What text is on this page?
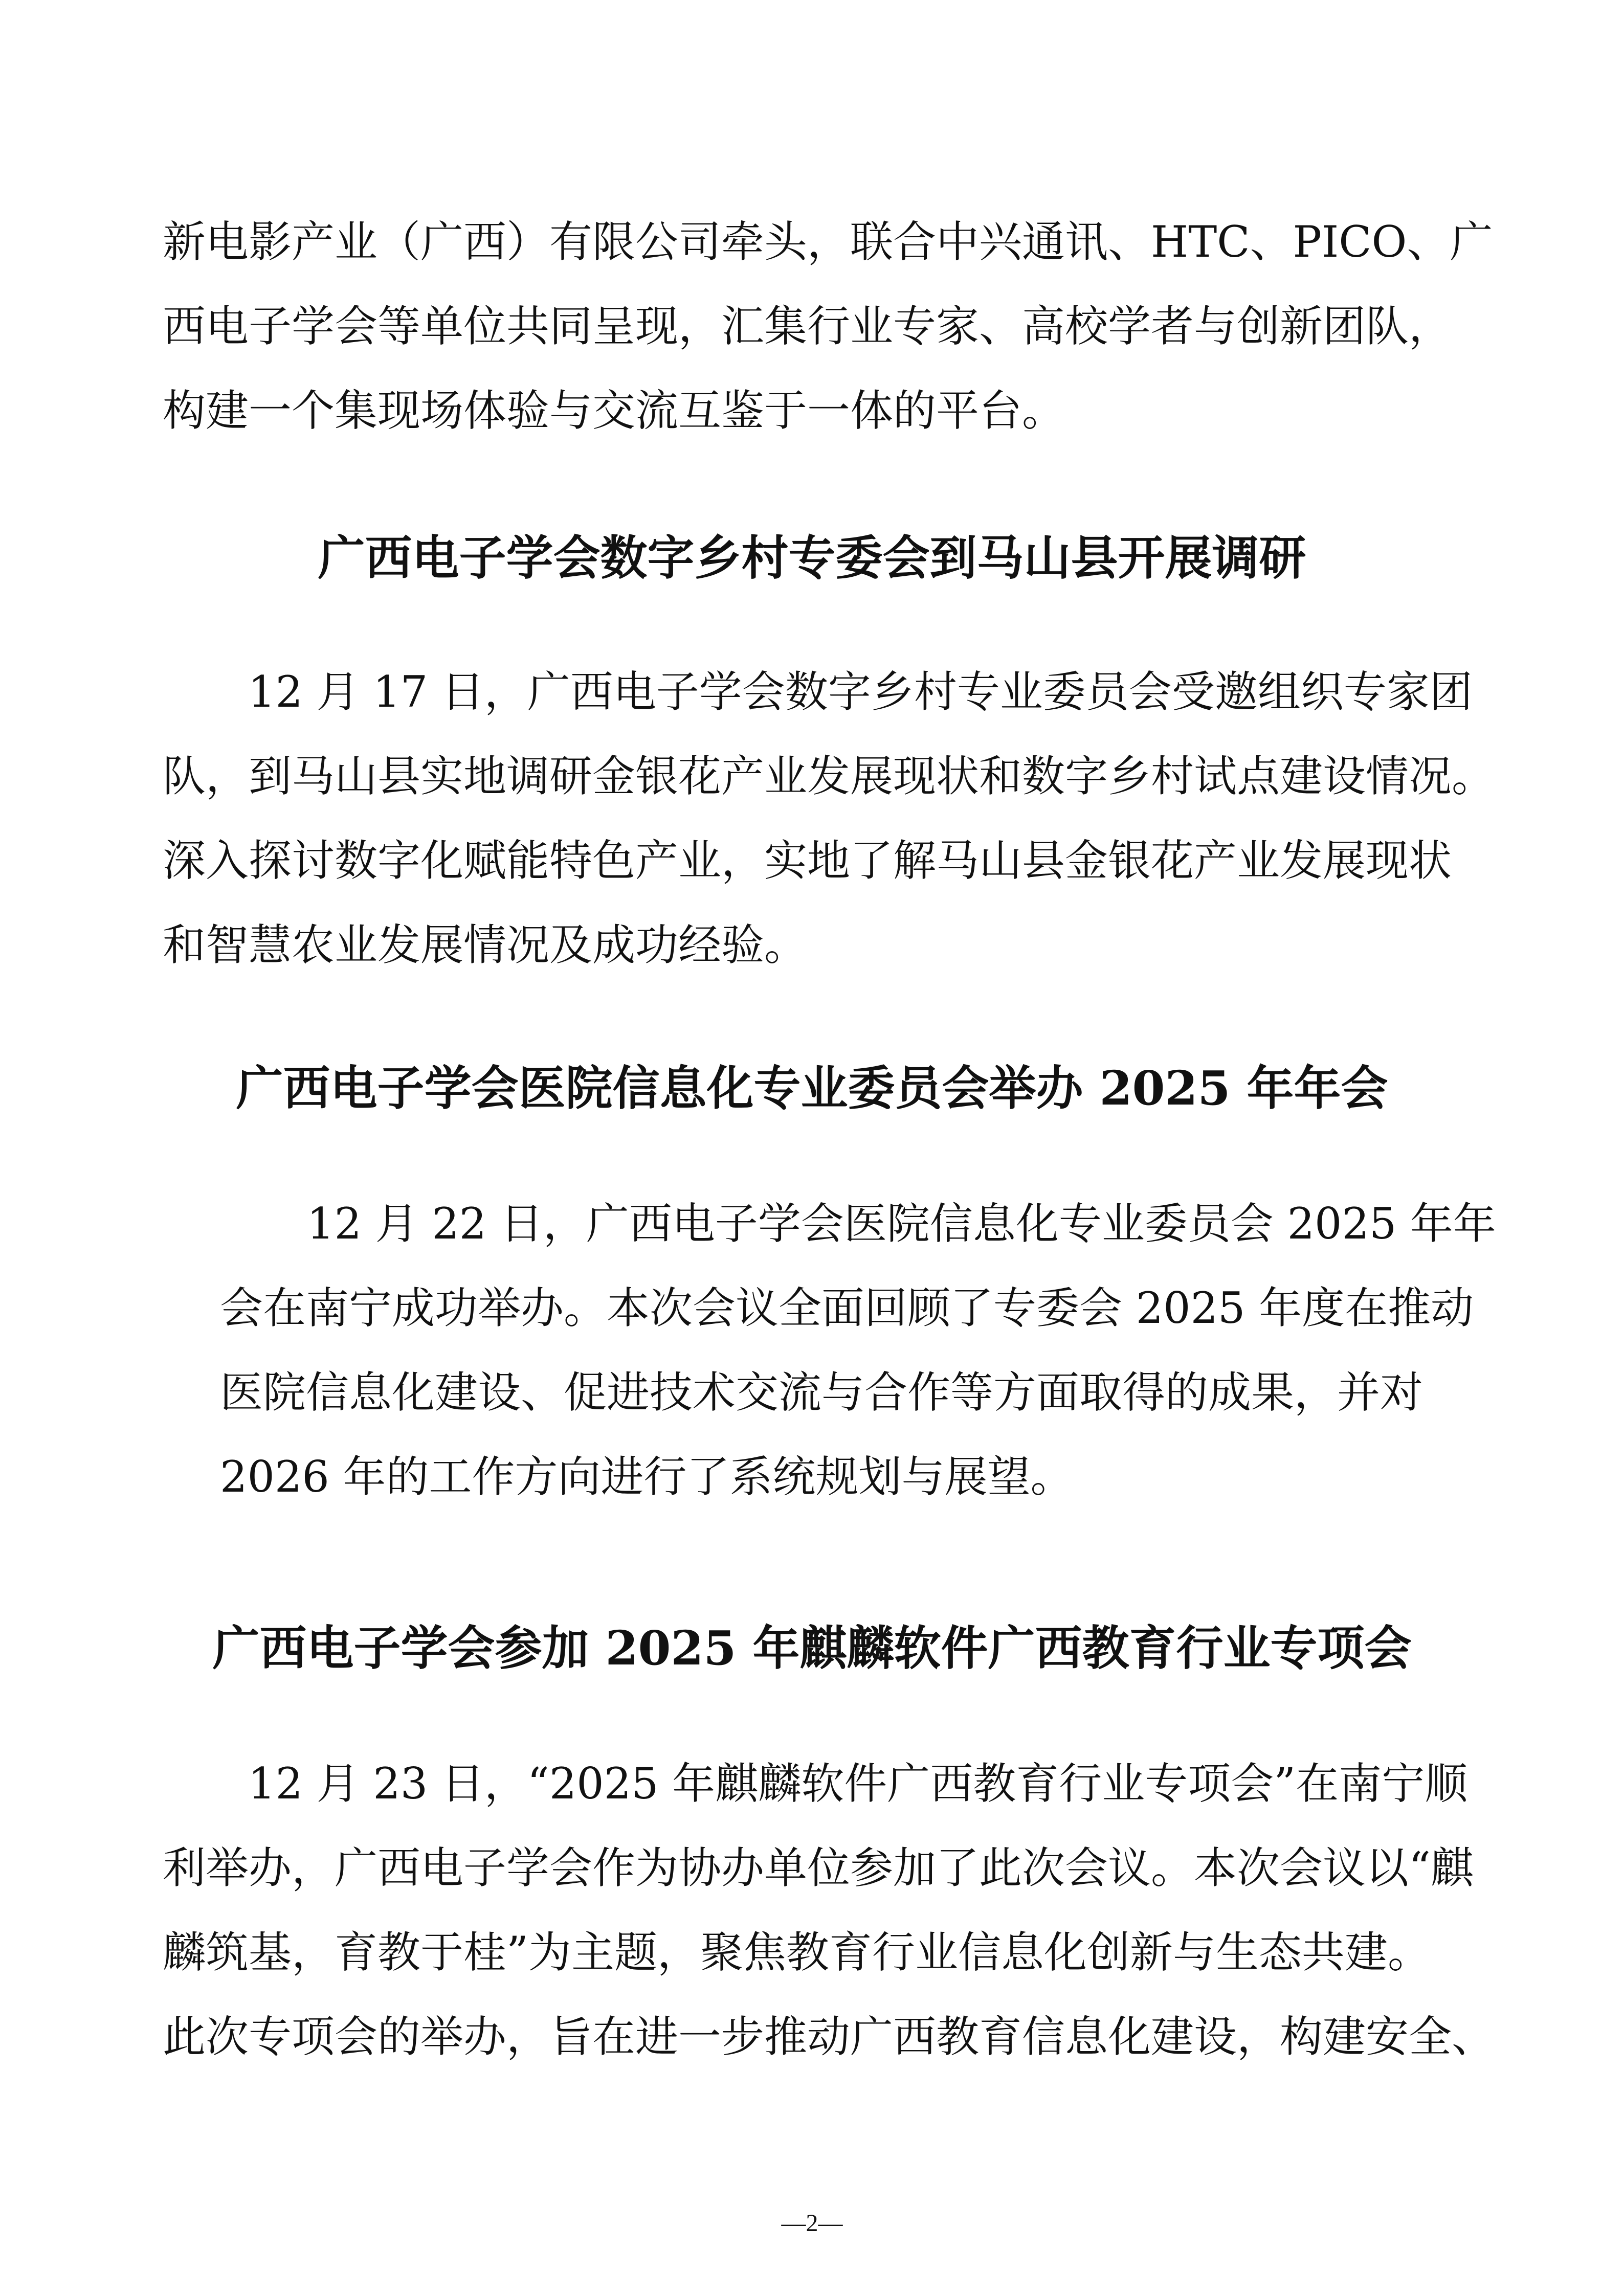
新电影产业（广西）有限公司牵头，联合中兴通讯、HTC、PICO、广
西电子学会等单位共同呈现，汇集行业专家、高校学者与创新团队，
构建一个集现场体验与交流互鉴于一体的平台。
广西电子学会数字乡村专委会到马山县开展调研
12 月 17 日，广西电子学会数字乡村专业委员会受邀组织专家团
队，到马山县实地调研金银花产业发展现状和数字乡村试点建设情况。
深入探讨数字化赋能特色产业，实地了解马山县金银花产业发展现状
和智慧农业发展情况及成功经验。
广西电子学会医院信息化专业委员会举办 2025 年年会
12 月 22 日，广西电子学会医院信息化专业委员会 2025 年年
会在南宁成功举办。本次会议全面回顾了专委会 2025 年度在推动
医院信息化建设、促进技术交流与合作等方面取得的成果，并对
2026 年的工作方向进行了系统规划与展望。
广西电子学会参加 2025 年麒麟软件广西教育行业专项会
12 月 23 日，“2025 年麒麟软件广西教育行业专项会”在南宁顺
利举办，广西电子学会作为协办单位参加了此次会议。本次会议以“麒
麟筑基，育教于桂”为主题，聚焦教育行业信息化创新与生态共建。
此次专项会的举办，旨在进一步推动广西教育信息化建设，构建安全、
—2—
